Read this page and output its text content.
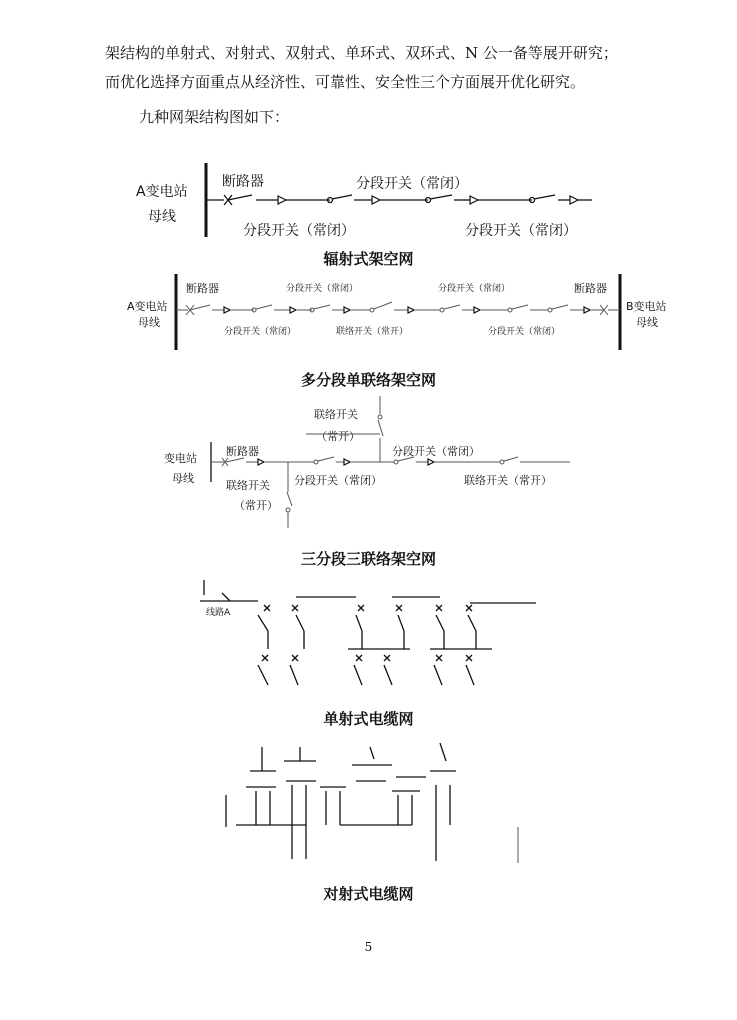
架结构的单射式、对射式、双射式、单环式、双环式、N 公一备等展开研究；
而优化选择方面重点从经济性、可靠性、安全性三个方面展开优化研究。
九种网架结构图如下：
A变电站
母线
断路器	分段开关（常闭）
分段开关（常闭）	分段开关（常闭）
辐射式架空网
A变电站
母线
B变电站
母线
断路器	断路器
分段开关（常闭）	分段开关（常闭）
分段开关（常闭）	联络开关（常开）	分段开关（常闭）
多分段单联络架空网
变电站
母线
断路器
联络开关
（常开）
分段开关（常闭）
联络开关
（常开）
分段开关（常闭）	联络开关（常开）
三分段三联络架空网
线路A
单射式电缆网
对射式电缆网
5
